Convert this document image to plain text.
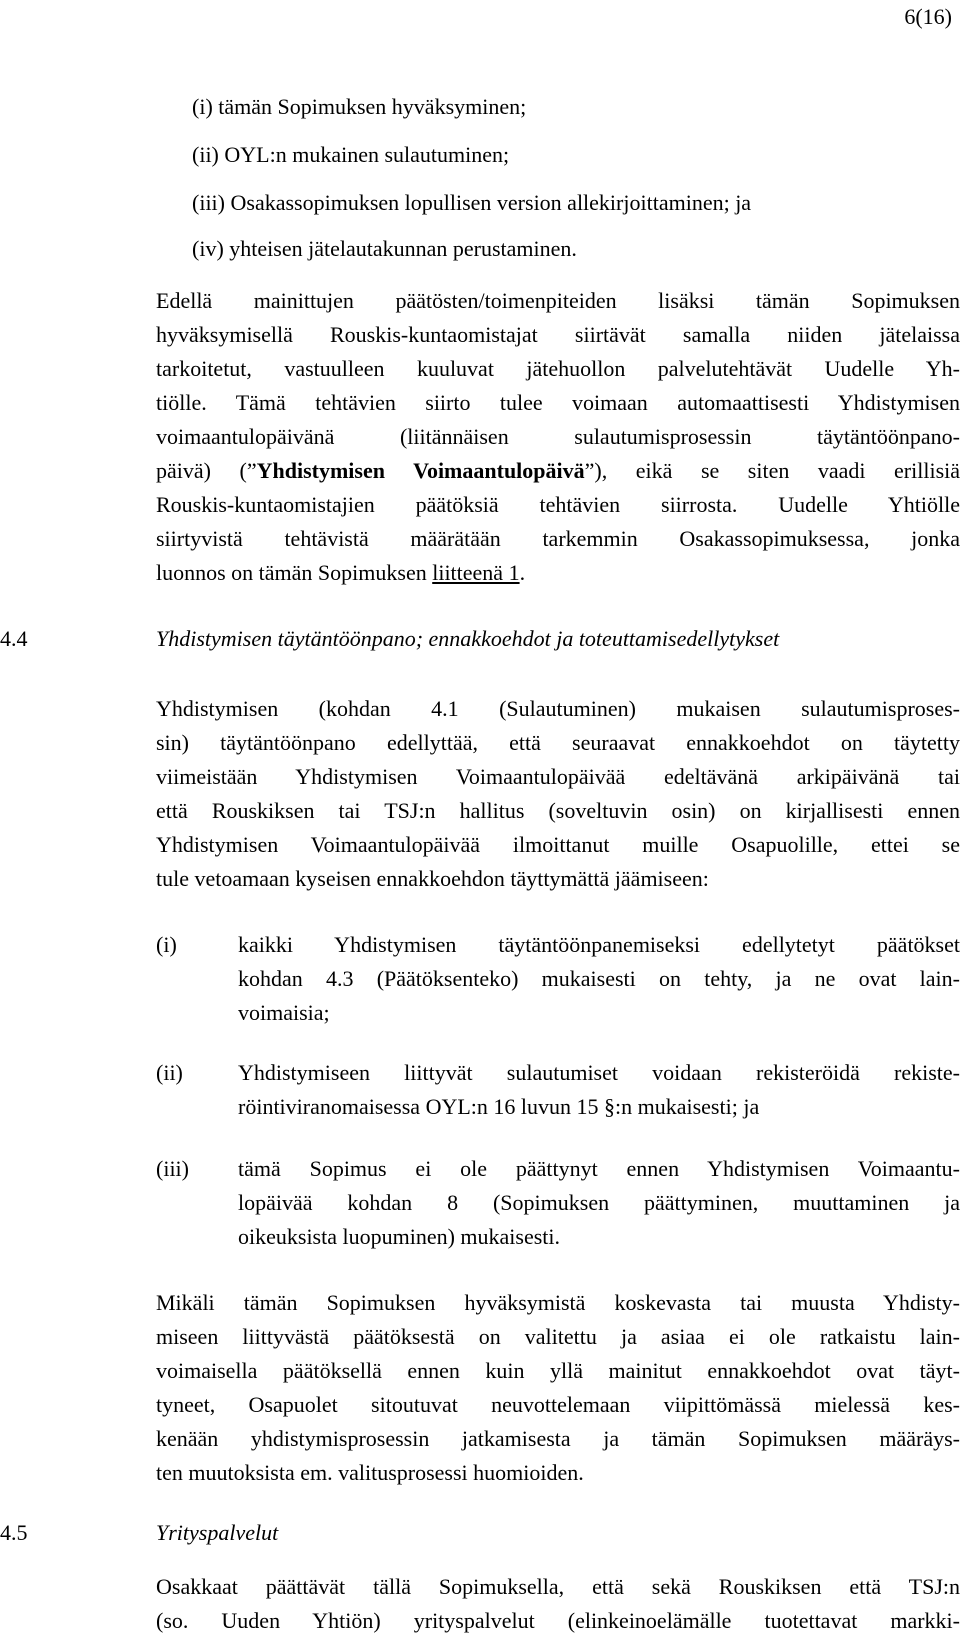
6(16)
(i) tämän Sopimuksen hyväksyminen;
(ii) OYL:n mukainen sulautuminen;
(iii) Osakassopimuksen lopullisen version allekirjoittaminen; ja
(iv) yhteisen jätelautakunnan perustaminen.
Edellä mainittujen päätösten/toimenpiteiden lisäksi tämän Sopimuksen
hyväksymisellä Rouskis-kuntaomistajat siirtävät samalla niiden jätelaissa
tarkoitetut, vastuulleen kuuluvat jätehuollon palvelutehtävät Uudelle Yh-
tiölle. Tämä tehtävien siirto tulee voimaan automaattisesti Yhdistymisen
voimaantulopäivänä (liitännäisen sulautumisprosessin täytäntöönpano-
päivä) (”Yhdistymisen Voimaantulopäivä”), eikä se siten vaadi erillisiä
Rouskis-kuntaomistajien päätöksiä tehtävien siirrosta. Uudelle Yhtiölle
siirtyvistä tehtävistä määrätään tarkemmin Osakassopimuksessa, jonka
luonnos on tämän Sopimuksen liitteenä 1.
4.4	Yhdistymisen täytäntöönpano; ennakkoehdot ja toteuttamisedellytykset
Yhdistymisen (kohdan 4.1 (Sulautuminen) mukaisen sulautumisproses-
sin) täytäntöönpano edellyttää, että seuraavat ennakkoehdot on täytetty
viimeistään Yhdistymisen Voimaantulopäivää edeltävänä arkipäivänä tai
että Rouskiksen tai TSJ:n hallitus (soveltuvin osin) on kirjallisesti ennen
Yhdistymisen Voimaantulopäivää ilmoittanut muille Osapuolille, ettei se
tule vetoamaan kyseisen ennakkoehdon täyttymättä jäämiseen:
(i)	kaikki Yhdistymisen täytäntöönpanemiseksi edellytetyt päätökset
kohdan 4.3 (Päätöksenteko) mukaisesti on tehty, ja ne ovat lain-
voimaisia;
(ii)	Yhdistymiseen liittyvät sulautumiset voidaan rekisteröidä rekiste-
röintiviranomaisessa OYL:n 16 luvun 15 §:n mukaisesti; ja
(iii) tämä Sopimus ei ole päättynyt ennen Yhdistymisen Voimaantu-
lopäivää kohdan 8 (Sopimuksen päättyminen, muuttaminen ja
oikeuksista luopuminen) mukaisesti.
Mikäli tämän Sopimuksen hyväksymistä koskevasta tai muusta Yhdisty-
miseen liittyvästä päätöksestä on valitettu ja asiaa ei ole ratkaistu lain-
voimaisella päätöksellä ennen kuin yllä mainitut ennakkoehdot ovat täyt-
tyneet, Osapuolet sitoutuvat neuvottelemaan viipittömässä mielessä kes-
kenään yhdistymisprosessin jatkamisesta ja tämän Sopimuksen määräys-
ten muutoksista em. valitusprosessi huomioiden.
4.5	Yrityspalvelut
Osakkaat päättävät tällä Sopimuksella, että sekä Rouskiksen että TSJ:n
(so. Uuden Yhtiön) yrityspalvelut (elinkeinoelämälle tuotettavat markki-
